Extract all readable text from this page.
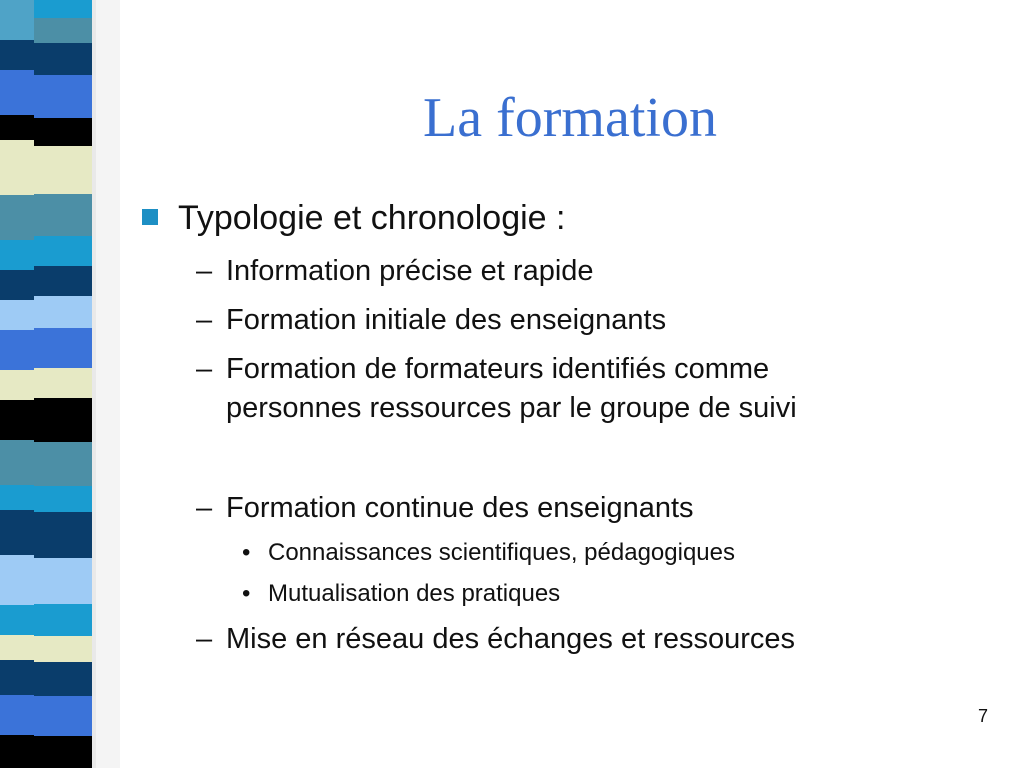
La formation
Typologie et chronologie :
– Information précise et rapide
– Formation initiale des enseignants
– Formation de formateurs identifiés comme
personnes ressources par le groupe de suivi
– Formation continue des enseignants
• Connaissances scientifiques, pédagogiques
• Mutualisation des pratiques
– Mise en réseau des échanges et ressources
7
